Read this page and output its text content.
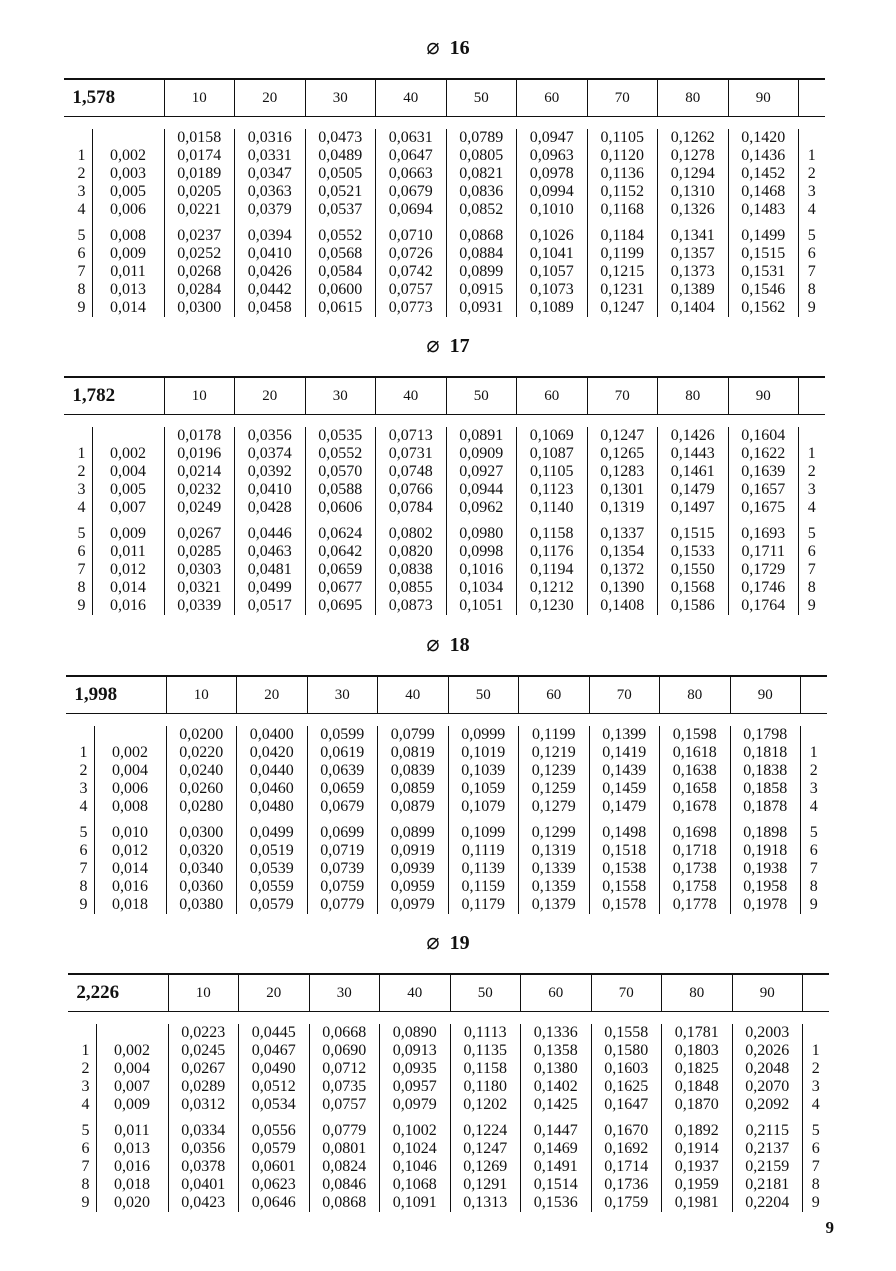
⌀ 16
1,578		10	20	30	40	50	60	70	80	90	

		0,0158	0,0316	0,0473	0,0631	0,0789	0,0947	0,1105	0,1262	0,1420	
1	0,002	0,0174	0,0331	0,0489	0,0647	0,0805	0,0963	0,1120	0,1278	0,1436	1
2	0,003	0,0189	0,0347	0,0505	0,0663	0,0821	0,0978	0,1136	0,1294	0,1452	2
3	0,005	0,0205	0,0363	0,0521	0,0679	0,0836	0,0994	0,1152	0,1310	0,1468	3
4	0,006	0,0221	0,0379	0,0537	0,0694	0,0852	0,1010	0,1168	0,1326	0,1483	4

5	0,008	0,0237	0,0394	0,0552	0,0710	0,0868	0,1026	0,1184	0,1341	0,1499	5
6	0,009	0,0252	0,0410	0,0568	0,0726	0,0884	0,1041	0,1199	0,1357	0,1515	6
7	0,011	0,0268	0,0426	0,0584	0,0742	0,0899	0,1057	0,1215	0,1373	0,1531	7
8	0,013	0,0284	0,0442	0,0600	0,0757	0,0915	0,1073	0,1231	0,1389	0,1546	8
9	0,014	0,0300	0,0458	0,0615	0,0773	0,0931	0,1089	0,1247	0,1404	0,1562	9
⌀ 17
1,782		10	20	30	40	50	60	70	80	90	

		0,0178	0,0356	0,0535	0,0713	0,0891	0,1069	0,1247	0,1426	0,1604	
1	0,002	0,0196	0,0374	0,0552	0,0731	0,0909	0,1087	0,1265	0,1443	0,1622	1
2	0,004	0,0214	0,0392	0,0570	0,0748	0,0927	0,1105	0,1283	0,1461	0,1639	2
3	0,005	0,0232	0,0410	0,0588	0,0766	0,0944	0,1123	0,1301	0,1479	0,1657	3
4	0,007	0,0249	0,0428	0,0606	0,0784	0,0962	0,1140	0,1319	0,1497	0,1675	4

5	0,009	0,0267	0,0446	0,0624	0,0802	0,0980	0,1158	0,1337	0,1515	0,1693	5
6	0,011	0,0285	0,0463	0,0642	0,0820	0,0998	0,1176	0,1354	0,1533	0,1711	6
7	0,012	0,0303	0,0481	0,0659	0,0838	0,1016	0,1194	0,1372	0,1550	0,1729	7
8	0,014	0,0321	0,0499	0,0677	0,0855	0,1034	0,1212	0,1390	0,1568	0,1746	8
9	0,016	0,0339	0,0517	0,0695	0,0873	0,1051	0,1230	0,1408	0,1586	0,1764	9
⌀ 18
1,998		10	20	30	40	50	60	70	80	90	

		0,0200	0,0400	0,0599	0,0799	0,0999	0,1199	0,1399	0,1598	0,1798	
1	0,002	0,0220	0,0420	0,0619	0,0819	0,1019	0,1219	0,1419	0,1618	0,1818	1
2	0,004	0,0240	0,0440	0,0639	0,0839	0,1039	0,1239	0,1439	0,1638	0,1838	2
3	0,006	0,0260	0,0460	0,0659	0,0859	0,1059	0,1259	0,1459	0,1658	0,1858	3
4	0,008	0,0280	0,0480	0,0679	0,0879	0,1079	0,1279	0,1479	0,1678	0,1878	4

5	0,010	0,0300	0,0499	0,0699	0,0899	0,1099	0,1299	0,1498	0,1698	0,1898	5
6	0,012	0,0320	0,0519	0,0719	0,0919	0,1119	0,1319	0,1518	0,1718	0,1918	6
7	0,014	0,0340	0,0539	0,0739	0,0939	0,1139	0,1339	0,1538	0,1738	0,1938	7
8	0,016	0,0360	0,0559	0,0759	0,0959	0,1159	0,1359	0,1558	0,1758	0,1958	8
9	0,018	0,0380	0,0579	0,0779	0,0979	0,1179	0,1379	0,1578	0,1778	0,1978	9
⌀ 19
2,226		10	20	30	40	50	60	70	80	90	

		0,0223	0,0445	0,0668	0,0890	0,1113	0,1336	0,1558	0,1781	0,2003	
1	0,002	0,0245	0,0467	0,0690	0,0913	0,1135	0,1358	0,1580	0,1803	0,2026	1
2	0,004	0,0267	0,0490	0,0712	0,0935	0,1158	0,1380	0,1603	0,1825	0,2048	2
3	0,007	0,0289	0,0512	0,0735	0,0957	0,1180	0,1402	0,1625	0,1848	0,2070	3
4	0,009	0,0312	0,0534	0,0757	0,0979	0,1202	0,1425	0,1647	0,1870	0,2092	4

5	0,011	0,0334	0,0556	0,0779	0,1002	0,1224	0,1447	0,1670	0,1892	0,2115	5
6	0,013	0,0356	0,0579	0,0801	0,1024	0,1247	0,1469	0,1692	0,1914	0,2137	6
7	0,016	0,0378	0,0601	0,0824	0,1046	0,1269	0,1491	0,1714	0,1937	0,2159	7
8	0,018	0,0401	0,0623	0,0846	0,1068	0,1291	0,1514	0,1736	0,1959	0,2181	8
9	0,020	0,0423	0,0646	0,0868	0,1091	0,1313	0,1536	0,1759	0,1981	0,2204	9
9
